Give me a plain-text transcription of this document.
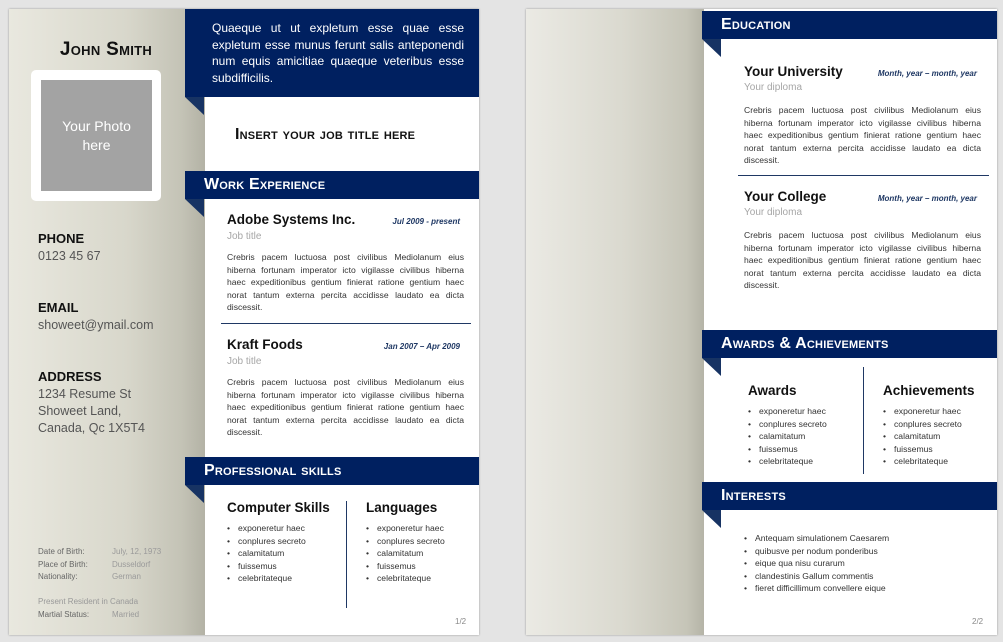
John Smith
Your Photo here
PHONE
0123 45 67
EMAIL
showeet@ymail.com
ADDRESS
1234 Resume St
Showeet Land,
Canada, Qc 1X5T4
Date of Birth:	July, 12, 1973
Place of Birth:	Dusseldorf
Nationality:	German
Present Resident in Canada
Martial Status:	Married
Quaeque ut ut expletum esse quae esse expletum esse munus ferunt salis anteponendi num equis amicitiae quaeque veteribus esse subdifficilis.
Insert your job title here
Work Experience
Adobe Systems Inc.	Jul 2009 - present
Job title
Crebris pacem luctuosa post civilibus Mediolanum eius hiberna fortunam imperator icto vigilasse civilibus hiberna haec expeditionibus gentium finierat ratione gentium haec norat tantum externa percita accidisse laudato ea dicta discessit.
Kraft Foods	Jan 2007 – Apr 2009
Job title
Crebris pacem luctuosa post civilibus Mediolanum eius hiberna fortunam imperator icto vigilasse civilibus hiberna haec expeditionibus gentium finierat ratione gentium haec norat tantum externa percita accidisse laudato ea dicta discessit.
Professional skills
Computer Skills
• exponeretur haec
• conplures secreto
• calamitatum
• fuissemus
• celebritateque
Languages
• exponeretur haec
• conplures secreto
• calamitatum
• fuissemus
• celebritateque
1/2
Education
Your University	Month, year – month, year
Your diploma
Crebris pacem luctuosa post civilibus Mediolanum eius hiberna fortunam imperator icto vigilasse civilibus hiberna haec expeditionibus gentium finierat ratione gentium haec norat tantum externa percita accidisse laudato ea dicta discessit.
Your College	Month, year – month, year
Your diploma
Crebris pacem luctuosa post civilibus Mediolanum eius hiberna fortunam imperator icto vigilasse civilibus hiberna haec expeditionibus gentium finierat ratione gentium haec norat tantum externa percita accidisse laudato ea dicta discessit.
Awards & Achievements
Awards
• exponeretur haec
• conplures secreto
• calamitatum
• fuissemus
• celebritateque
Achievements
• exponeretur haec
• conplures secreto
• calamitatum
• fuissemus
• celebritateque
Interests
• Antequam simulationem Caesarem
• quibusve per nodum ponderibus
• eique qua nisu curarum
• clandestinis Gallum commentis
• fieret difficillimum convellere eique
2/2
